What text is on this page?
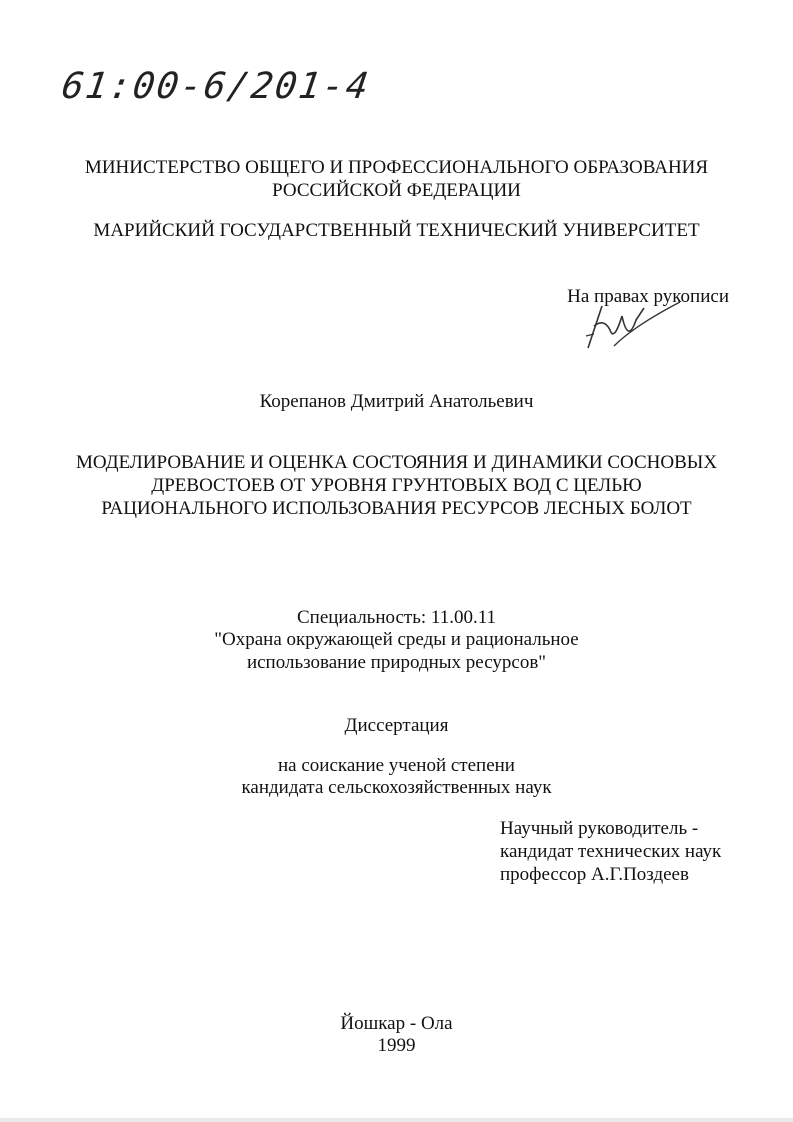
61:00-6/201-4

МИНИСТЕРСТВО ОБЩЕГО И ПРОФЕССИОНАЛЬНОГО ОБРАЗОВАНИЯ

РОССИЙСКОЙ ФЕДЕРАЦИИ

МАРИЙСКИЙ ГОСУДАРСТВЕННЫЙ ТЕХНИЧЕСКИЙ УНИВЕРСИТЕТ

На правах рукописи

Корепанов Дмитрий Анатольевич

МОДЕЛИРОВАНИЕ И ОЦЕНКА СОСТОЯНИЯ И ДИНАМИКИ СОСНОВЫХ

ДРЕВОСТОЕВ ОТ УРОВНЯ ГРУНТОВЫХ ВОД С ЦЕЛЬЮ

РАЦИОНАЛЬНОГО ИСПОЛЬЗОВАНИЯ РЕСУРСОВ ЛЕСНЫХ БОЛОТ

Специальность: 11.00.11

"Охрана окружающей среды и рациональное

использование природных ресурсов"

Диссертация

на соискание ученой степени

кандидата сельскохозяйственных наук

Научный руководитель -
кандидат технических наук
профессор А.Г.Поздеев

Йошкар - Ола

1999
